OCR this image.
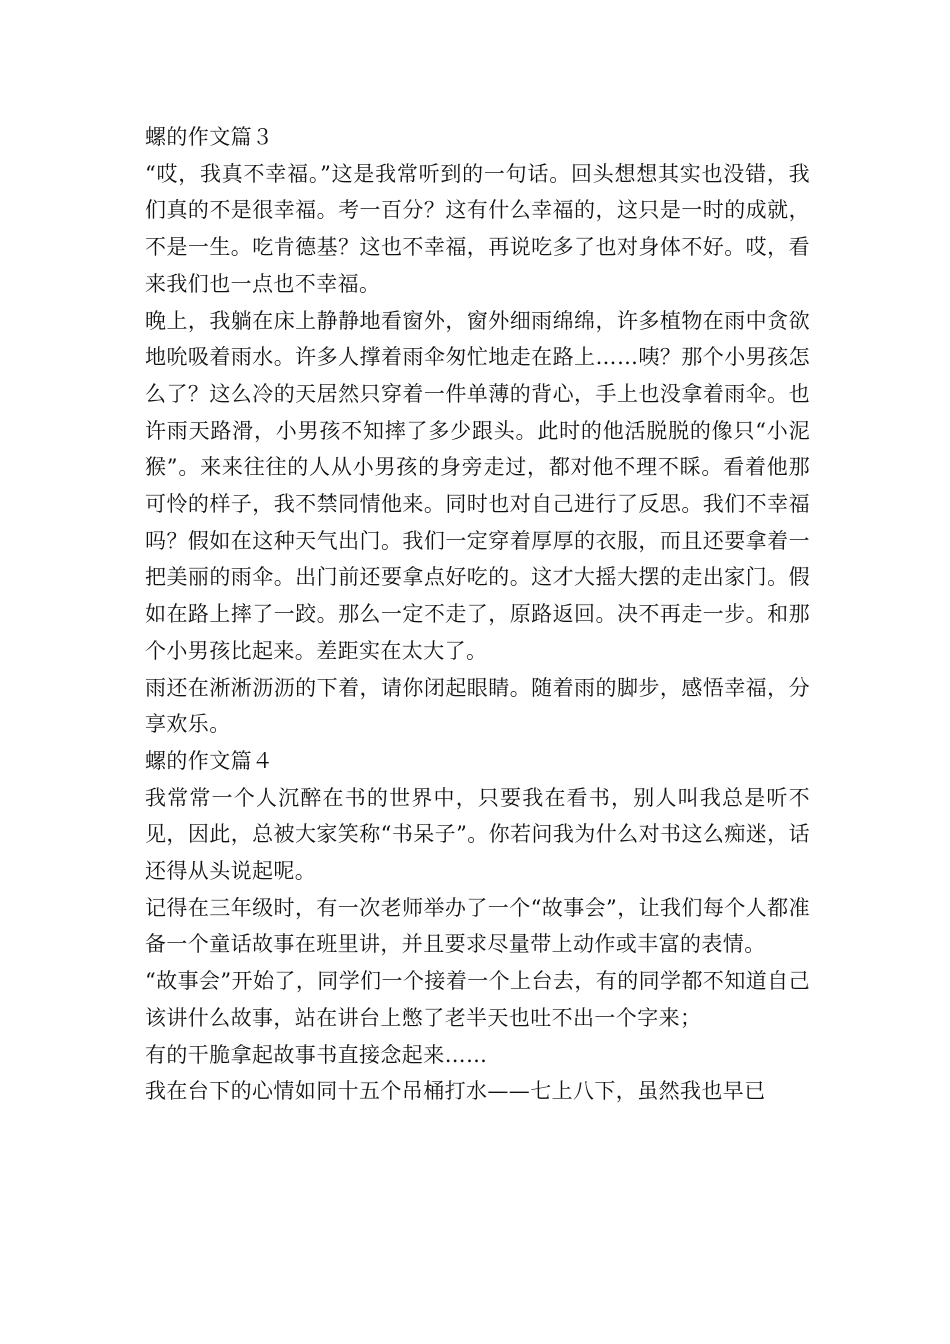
螺的作文篇３

“哎，我真不幸福。”这是我常听到的一句话。回头想想其实也没错，我们真的不是很幸福。考一百分？这有什么幸福的，这只是一时的成就，不是一生。吃肯德基？这也不幸福，再说吃多了也对身体不好。哎，看来我们也一点也不幸福。

晚上，我躺在床上静静地看窗外，窗外细雨绵绵，许多植物在雨中贪欲地吮吸着雨水。许多人撑着雨伞匆忙地走在路上……咦？那个小男孩怎么了？这么冷的天居然只穿着一件单薄的背心，手上也没拿着雨伞。也许雨天路滑，小男孩不知摔了多少跟头。此时的他活脱脱的像只“小泥猴”。来来往往的人从小男孩的身旁走过，都对他不理不睬。看着他那可怜的样子，我不禁同情他来。同时也对自己进行了反思。我们不幸福吗？假如在这种天气出门。我们一定穿着厚厚的衣服，而且还要拿着一把美丽的雨伞。出门前还要拿点好吃的。这才大摇大摆的走出家门。假如在路上摔了一跤。那么一定不走了，原路返回。决不再走一步。和那个小男孩比起来。差距实在太大了。

雨还在淅淅沥沥的下着，请你闭起眼睛。随着雨的脚步，感悟幸福，分享欢乐。

螺的作文篇４

我常常一个人沉醉在书的世界中，只要我在看书，别人叫我总是听不见，因此，总被大家笑称“书呆子”。你若问我为什么对书这么痴迷，话还得从头说起呢。

记得在三年级时，有一次老师举办了一个“故事会”，让我们每个人都准备一个童话故事在班里讲，并且要求尽量带上动作或丰富的表情。

“故事会”开始了，同学们一个接着一个上台去，有的同学都不知道自己该讲什么故事，站在讲台上憋了老半天也吐不出一个字来；

有的干脆拿起故事书直接念起来……

我在台下的心情如同十五个吊桶打水——七上八下，虽然我也早已
